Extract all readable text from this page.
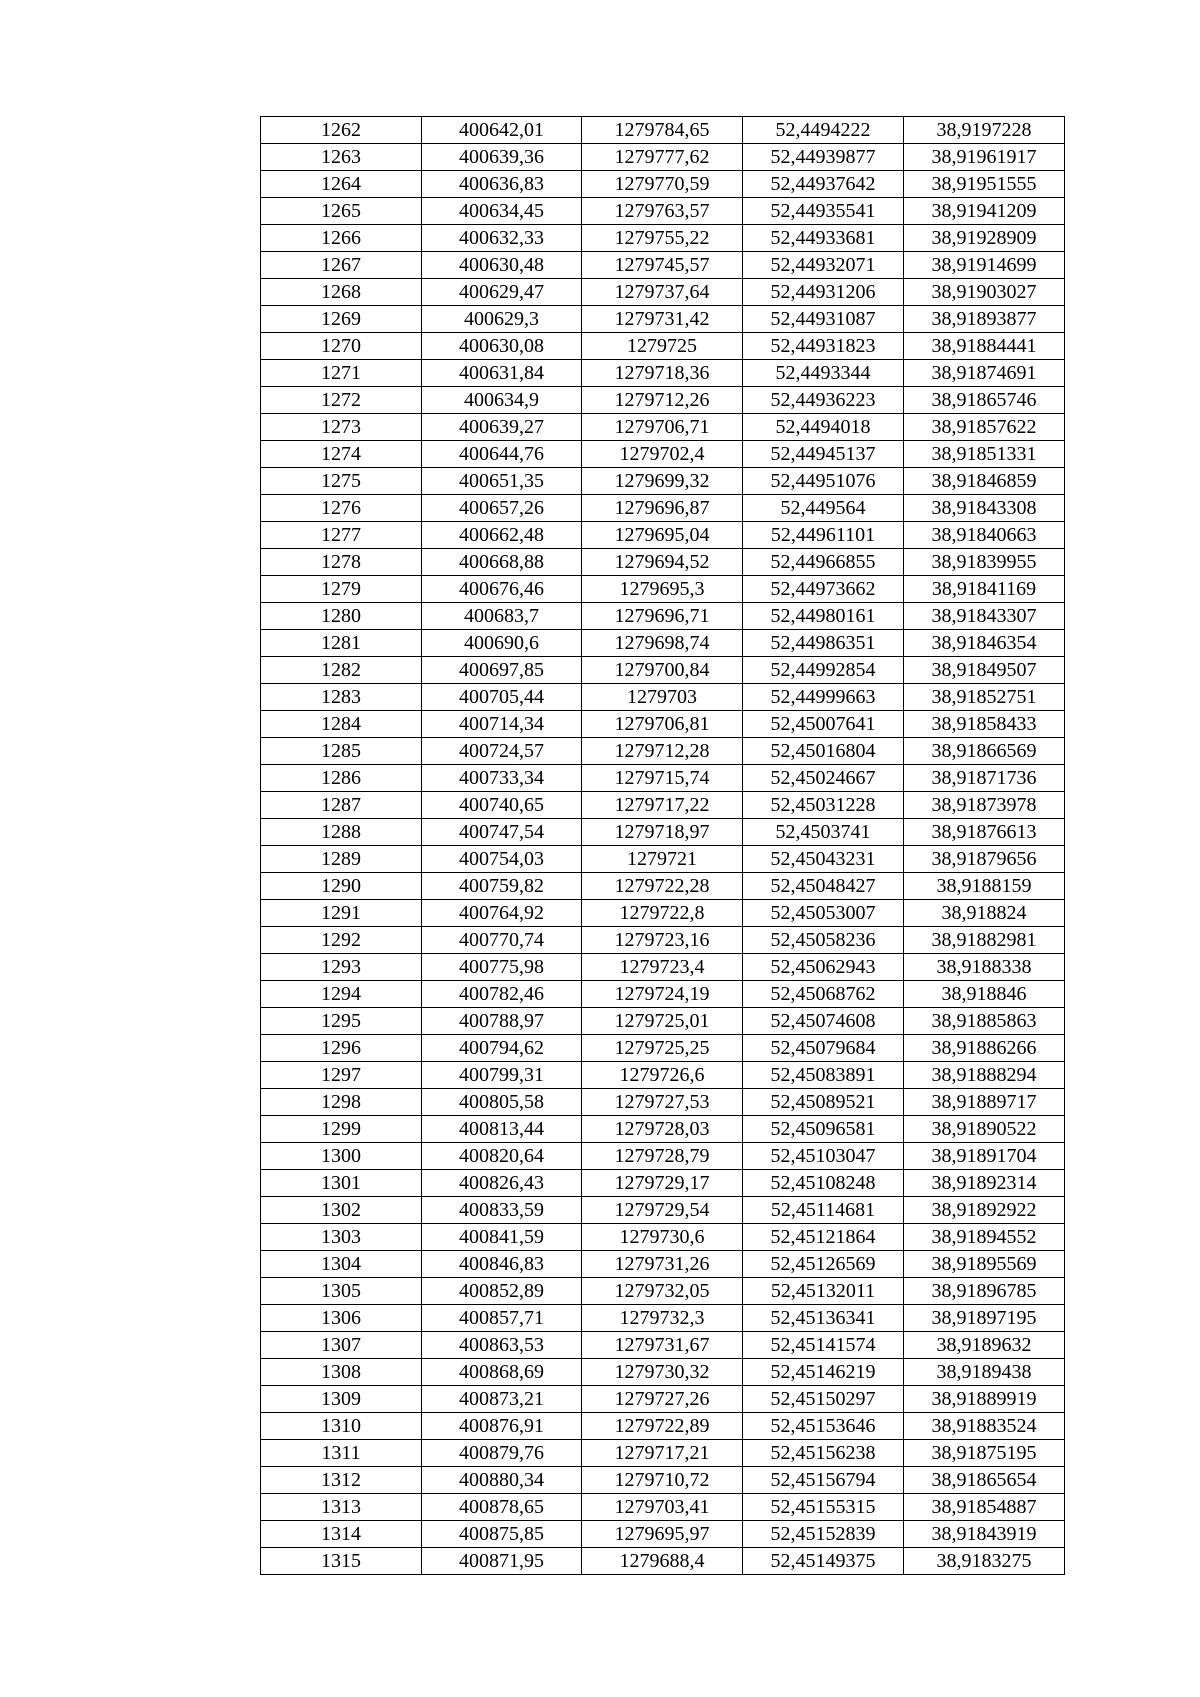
1262	400642,01	1279784,65	52,4494222	38,9197228
1263	400639,36	1279777,62	52,44939877	38,91961917
1264	400636,83	1279770,59	52,44937642	38,91951555
1265	400634,45	1279763,57	52,44935541	38,91941209
1266	400632,33	1279755,22	52,44933681	38,91928909
1267	400630,48	1279745,57	52,44932071	38,91914699
1268	400629,47	1279737,64	52,44931206	38,91903027
1269	400629,3	1279731,42	52,44931087	38,91893877
1270	400630,08	1279725	52,44931823	38,91884441
1271	400631,84	1279718,36	52,4493344	38,91874691
1272	400634,9	1279712,26	52,44936223	38,91865746
1273	400639,27	1279706,71	52,4494018	38,91857622
1274	400644,76	1279702,4	52,44945137	38,91851331
1275	400651,35	1279699,32	52,44951076	38,91846859
1276	400657,26	1279696,87	52,449564	38,91843308
1277	400662,48	1279695,04	52,44961101	38,91840663
1278	400668,88	1279694,52	52,44966855	38,91839955
1279	400676,46	1279695,3	52,44973662	38,91841169
1280	400683,7	1279696,71	52,44980161	38,91843307
1281	400690,6	1279698,74	52,44986351	38,91846354
1282	400697,85	1279700,84	52,44992854	38,91849507
1283	400705,44	1279703	52,44999663	38,91852751
1284	400714,34	1279706,81	52,45007641	38,91858433
1285	400724,57	1279712,28	52,45016804	38,91866569
1286	400733,34	1279715,74	52,45024667	38,91871736
1287	400740,65	1279717,22	52,45031228	38,91873978
1288	400747,54	1279718,97	52,4503741	38,91876613
1289	400754,03	1279721	52,45043231	38,91879656
1290	400759,82	1279722,28	52,45048427	38,9188159
1291	400764,92	1279722,8	52,45053007	38,918824
1292	400770,74	1279723,16	52,45058236	38,91882981
1293	400775,98	1279723,4	52,45062943	38,9188338
1294	400782,46	1279724,19	52,45068762	38,918846
1295	400788,97	1279725,01	52,45074608	38,91885863
1296	400794,62	1279725,25	52,45079684	38,91886266
1297	400799,31	1279726,6	52,45083891	38,91888294
1298	400805,58	1279727,53	52,45089521	38,91889717
1299	400813,44	1279728,03	52,45096581	38,91890522
1300	400820,64	1279728,79	52,45103047	38,91891704
1301	400826,43	1279729,17	52,45108248	38,91892314
1302	400833,59	1279729,54	52,45114681	38,91892922
1303	400841,59	1279730,6	52,45121864	38,91894552
1304	400846,83	1279731,26	52,45126569	38,91895569
1305	400852,89	1279732,05	52,45132011	38,91896785
1306	400857,71	1279732,3	52,45136341	38,91897195
1307	400863,53	1279731,67	52,45141574	38,9189632
1308	400868,69	1279730,32	52,45146219	38,9189438
1309	400873,21	1279727,26	52,45150297	38,91889919
1310	400876,91	1279722,89	52,45153646	38,91883524
1311	400879,76	1279717,21	52,45156238	38,91875195
1312	400880,34	1279710,72	52,45156794	38,91865654
1313	400878,65	1279703,41	52,45155315	38,91854887
1314	400875,85	1279695,97	52,45152839	38,91843919
1315	400871,95	1279688,4	52,45149375	38,9183275
